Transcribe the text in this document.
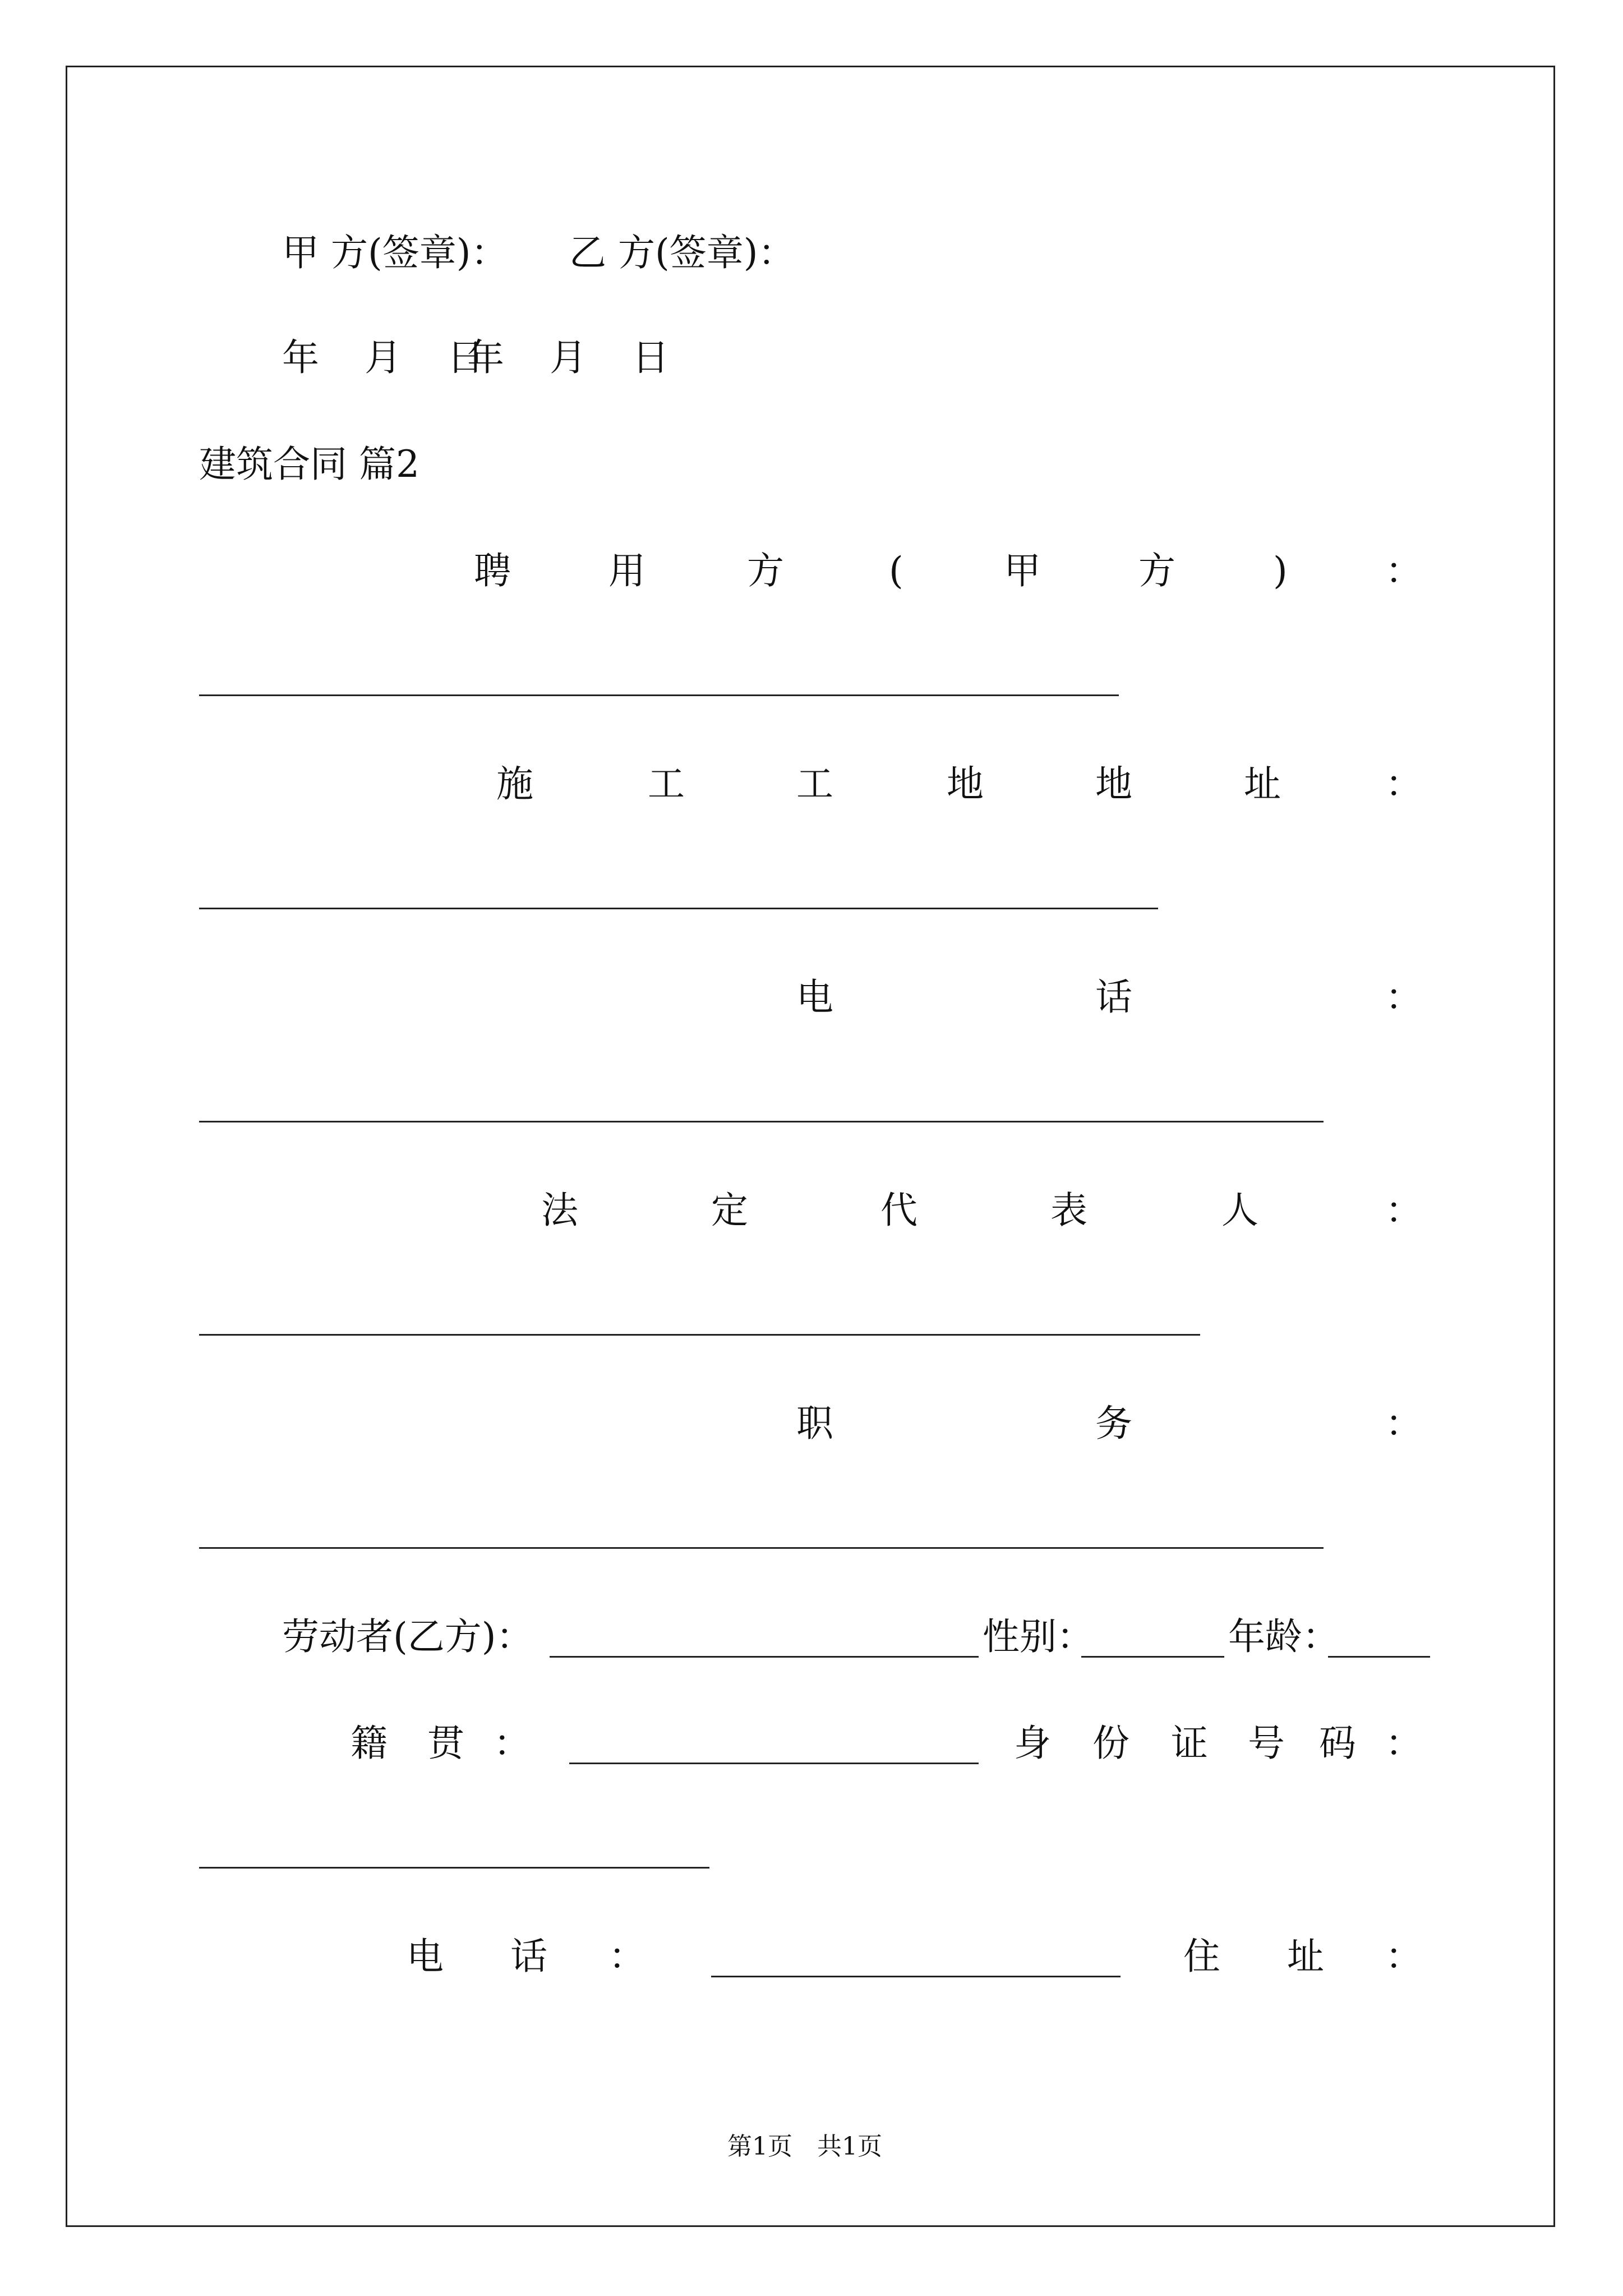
甲 方(签章)： 乙 方(签章)：
年 月 日
年 月 日
建筑合同 篇2
聘	用	方	(	甲	方	)	：
施	工	工	地	地	址	：
电	话	：
法	定	代	表	人	：
职	务	：
劳动者(乙方)：	性别：	年龄：
籍 贯 ：	身 份 证 号 码 ：
电 话 ：	住 址 ：
第1页　共1页
